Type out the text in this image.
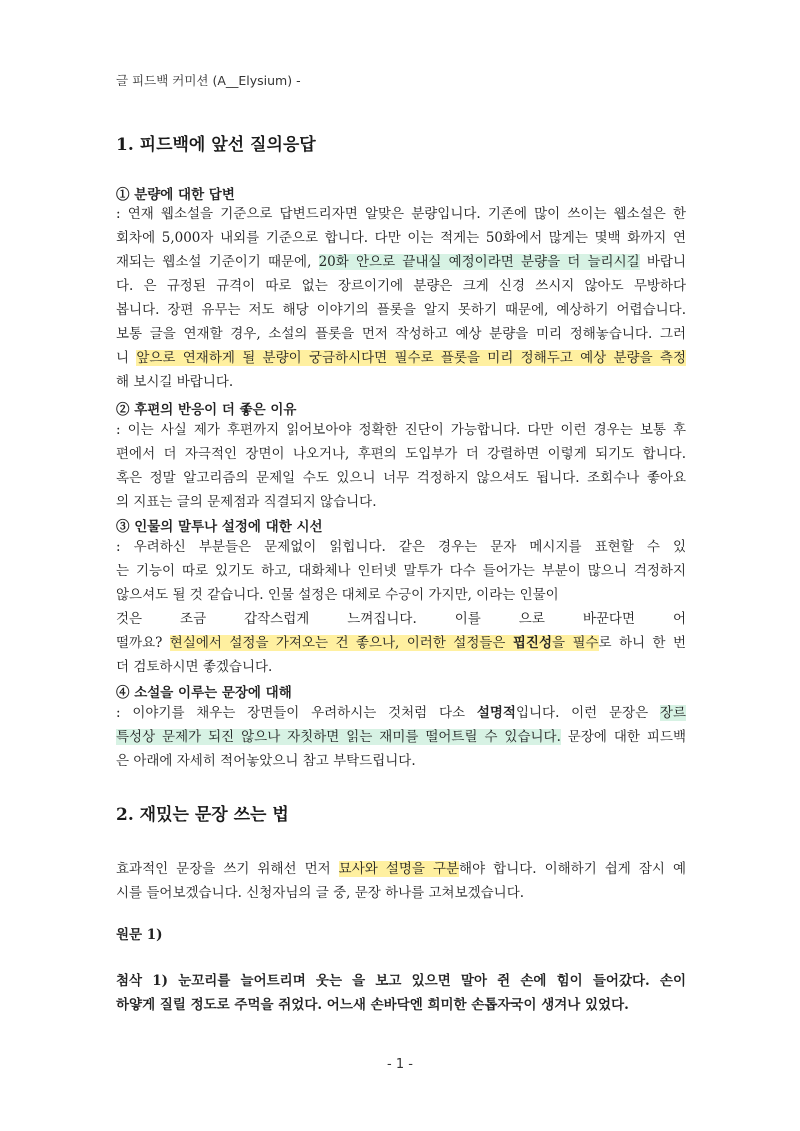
글 피드백 커미션 (A__Elysium) -
1. 피드백에 앞선 질의응답
① 분량에 대한 답변
: 연재 웹소설을 기준으로 답변드리자면 알맞은 분량입니다. 기존에 많이 쓰이는 웹소설은 한
회차에 5,000자 내외를 기준으로 합니다. 다만 이는 적게는 50화에서 많게는 몇백 화까지 연
재되는 웹소설 기준이기 때문에, 20화 안으로 끝내실 예정이라면 분량을 더 늘리시길 바랍니
다. 은 규정된 규격이 따로 없는 장르이기에 분량은 크게 신경 쓰시지 않아도 무방하다
봅니다. 장편 유무는 저도 해당 이야기의 플롯을 알지 못하기 때문에, 예상하기 어렵습니다.
보통 글을 연재할 경우, 소설의 플롯을 먼저 작성하고 예상 분량을 미리 정해놓습니다. 그러
니 앞으로 연재하게 될 분량이 궁금하시다면 필수로 플롯을 미리 정해두고 예상 분량을 측정
해 보시길 바랍니다.
② 후편의 반응이 더 좋은 이유
: 이는 사실 제가 후편까지 읽어보아야 정확한 진단이 가능합니다. 다만 이런 경우는 보통 후
편에서 더 자극적인 장면이 나오거나, 후편의 도입부가 더 강렬하면 이렇게 되기도 합니다.
혹은 정말 알고리즘의 문제일 수도 있으니 너무 걱정하지 않으셔도 됩니다. 조회수나 좋아요
의 지표는 글의 문제점과 직결되지 않습니다.
③ 인물의 말투나 설정에 대한 시선
: 우려하신 부분들은 문제없이 읽힙니다. 같은 경우는 문자 메시지를 표현할 수 있
는 기능이 따로 있기도 하고, 대화체나 인터넷 말투가 다수 들어가는 부분이 많으니 걱정하지
않으셔도 될 것 같습니다. 인물 설정은 대체로 수긍이 가지만, 이라는 인물이
것은 조금 갑작스럽게 느껴집니다. 이를 으로 바꾼다면 어
떨까요? 현실에서 설정을 가져오는 건 좋으나, 이러한 설정들은 핍진성을 필수로 하니 한 번
더 검토하시면 좋겠습니다.
④ 소설을 이루는 문장에 대해
: 이야기를 채우는 장면들이 우려하시는 것처럼 다소 설명적입니다. 이런 문장은 장르
특성상 문제가 되진 않으나 자칫하면 읽는 재미를 떨어트릴 수 있습니다. 문장에 대한 피드백
은 아래에 자세히 적어놓았으니 참고 부탁드립니다.
2. 재밌는 문장 쓰는 법
효과적인 문장을 쓰기 위해선 먼저 묘사와 설명을 구분해야 합니다. 이해하기 쉽게 잠시 예
시를 들어보겠습니다. 신청자님의 글 중, 문장 하나를 고쳐보겠습니다.
원문 1)
첨삭 1) 눈꼬리를 늘어트리며 웃는 을 보고 있으면 말아 쥔 손에 힘이 들어갔다. 손이
하얗게 질릴 정도로 주먹을 쥐었다. 어느새 손바닥엔 희미한 손톱자국이 생겨나 있었다.
- 1 -
